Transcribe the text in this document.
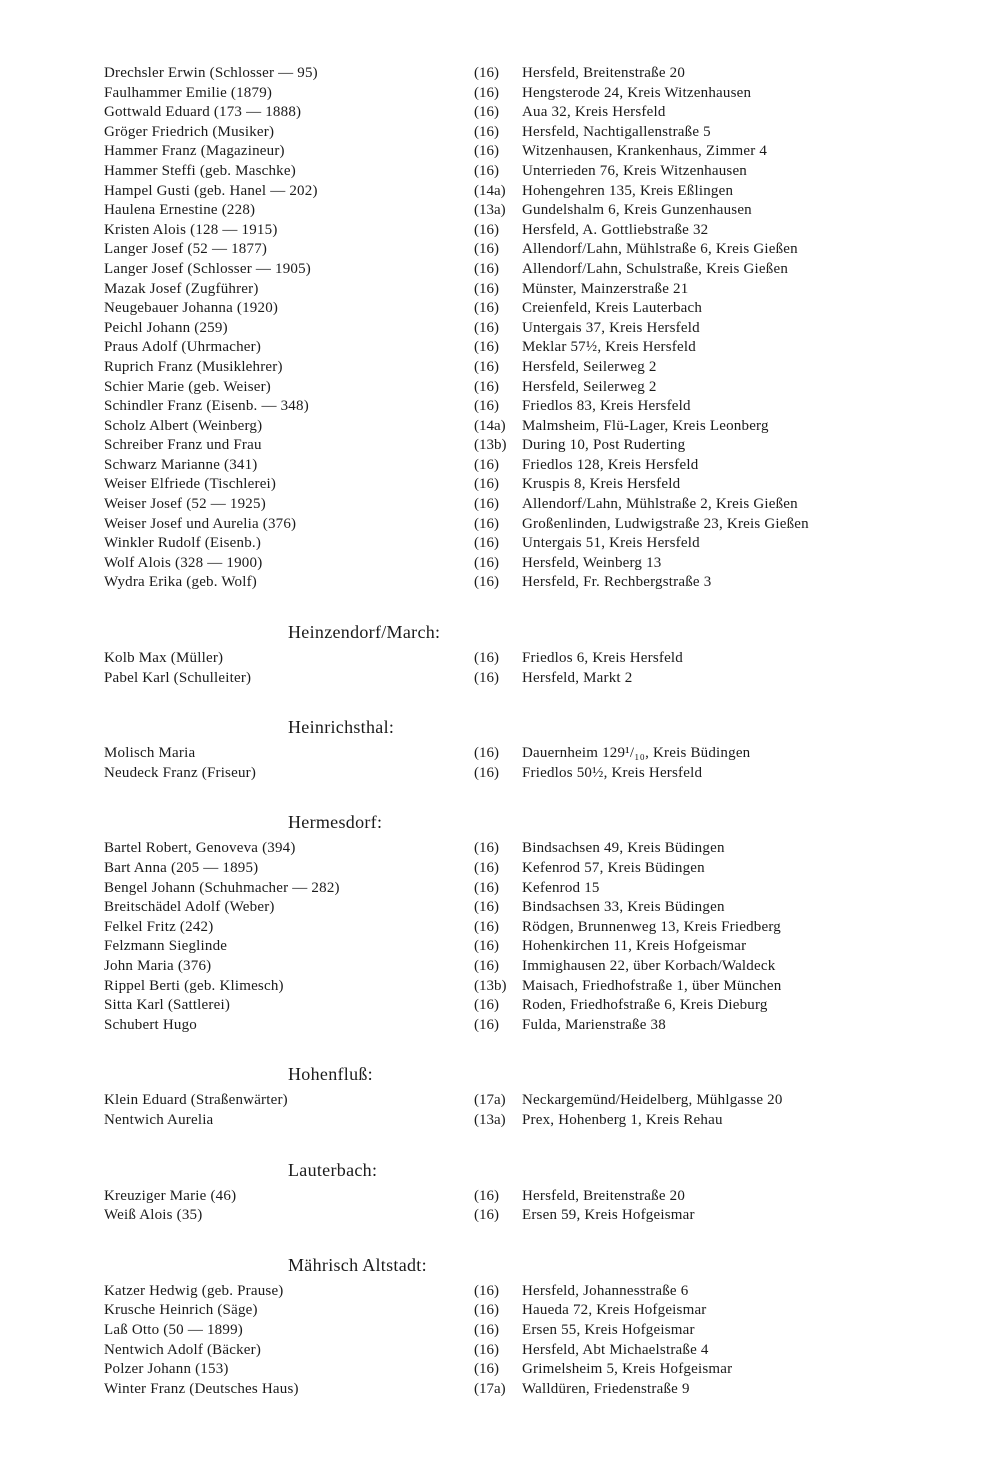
Drechsler Erwin (Schlosser — 95)	(16)	Hersfeld, Breitenstraße 20
Faulhammer Emilie (1879)	(16)	Hengsterode 24, Kreis Witzenhausen
Gottwald Eduard (173 — 1888)	(16)	Aua 32, Kreis Hersfeld
Gröger Friedrich (Musiker)	(16)	Hersfeld, Nachtigallenstraße 5
Hammer Franz (Magazineur)	(16)	Witzenhausen, Krankenhaus, Zimmer 4
Hammer Steffi (geb. Maschke)	(16)	Unterrieden 76, Kreis Witzenhausen
Hampel Gusti (geb. Hanel — 202)	(14a)	Hohengehren 135, Kreis Eßlingen
Haulena Ernestine (228)	(13a)	Gundelshalm 6, Kreis Gunzenhausen
Kristen Alois (128 — 1915)	(16)	Hersfeld, A. Gottliebstraße 32
Langer Josef (52 — 1877)	(16)	Allendorf/Lahn, Mühlstraße 6, Kreis Gießen
Langer Josef (Schlosser — 1905)	(16)	Allendorf/Lahn, Schulstraße, Kreis Gießen
Mazak Josef (Zugführer)	(16)	Münster, Mainzerstraße 21
Neugebauer Johanna (1920)	(16)	Creienfeld, Kreis Lauterbach
Peichl Johann (259)	(16)	Untergais 37, Kreis Hersfeld
Praus Adolf (Uhrmacher)	(16)	Meklar 57½, Kreis Hersfeld
Ruprich Franz (Musiklehrer)	(16)	Hersfeld, Seilerweg 2
Schier Marie (geb. Weiser)	(16)	Hersfeld, Seilerweg 2
Schindler Franz (Eisenb. — 348)	(16)	Friedlos 83, Kreis Hersfeld
Scholz Albert (Weinberg)	(14a)	Malmsheim, Flü-Lager, Kreis Leonberg
Schreiber Franz und Frau	(13b)	During 10, Post Ruderting
Schwarz Marianne (341)	(16)	Friedlos 128, Kreis Hersfeld
Weiser Elfriede (Tischlerei)	(16)	Kruspis 8, Kreis Hersfeld
Weiser Josef (52 — 1925)	(16)	Allendorf/Lahn, Mühlstraße 2, Kreis Gießen
Weiser Josef und Aurelia (376)	(16)	Großenlinden, Ludwigstraße 23, Kreis Gießen
Winkler Rudolf (Eisenb.)	(16)	Untergais 51, Kreis Hersfeld
Wolf Alois (328 — 1900)	(16)	Hersfeld, Weinberg 13
Wydra Erika (geb. Wolf)	(16)	Hersfeld, Fr. Rechbergstraße 3
Heinzendorf/March:
Kolb Max (Müller)	(16)	Friedlos 6, Kreis Hersfeld
Pabel Karl (Schulleiter)	(16)	Hersfeld, Markt 2
Heinrichsthal:
Molisch Maria	(16)	Dauernheim 129¹/₁₀, Kreis Büdingen
Neudeck Franz (Friseur)	(16)	Friedlos 50½, Kreis Hersfeld
Hermesdorf:
Bartel Robert, Genoveva (394)	(16)	Bindsachsen 49, Kreis Büdingen
Bart Anna (205 — 1895)	(16)	Kefenrod 57, Kreis Büdingen
Bengel Johann (Schuhmacher — 282)	(16)	Kefenrod 15
Breitschädel Adolf (Weber)	(16)	Bindsachsen 33, Kreis Büdingen
Felkel Fritz (242)	(16)	Rödgen, Brunnenweg 13, Kreis Friedberg
Felzmann Sieglinde	(16)	Hohenkirchen 11, Kreis Hofgeismar
John Maria (376)	(16)	Immighausen 22, über Korbach/Waldeck
Rippel Berti (geb. Klimesch)	(13b)	Maisach, Friedhofstraße 1, über München
Sitta Karl (Sattlerei)	(16)	Roden, Friedhofstraße 6, Kreis Dieburg
Schubert Hugo	(16)	Fulda, Marienstraße 38
Hohenfluß:
Klein Eduard (Straßenwärter)	(17a)	Neckargemünd/Heidelberg, Mühlgasse 20
Nentwich Aurelia	(13a)	Prex, Hohenberg 1, Kreis Rehau
Lauterbach:
Kreuziger Marie (46)	(16)	Hersfeld, Breitenstraße 20
Weiß Alois (35)	(16)	Ersen 59, Kreis Hofgeismar
Mährisch Altstadt:
Katzer Hedwig (geb. Prause)	(16)	Hersfeld, Johannesstraße 6
Krusche Heinrich (Säge)	(16)	Haueda 72, Kreis Hofgeismar
Laß Otto (50 — 1899)	(16)	Ersen 55, Kreis Hofgeismar
Nentwich Adolf (Bäcker)	(16)	Hersfeld, Abt Michaelstraße 4
Polzer Johann (153)	(16)	Grimelsheim 5, Kreis Hofgeismar
Winter Franz (Deutsches Haus)	(17a)	Walldüren, Friedenstraße 9
